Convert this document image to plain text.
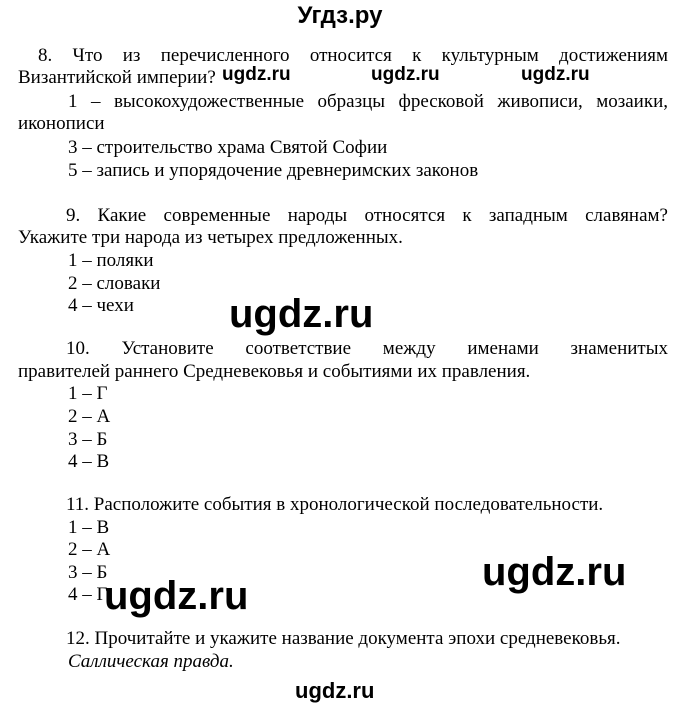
Угдз.ру
8. Что из перечисленного относится к культурным достижениям
Византийской империи?
1 – высокохудожественные образцы фресковой живописи, мозаики,
иконописи
3 – строительство храма Святой Софии
5 – запись и упорядочение древнеримских законов
9. Какие современные народы относятся к западным славянам?
Укажите три народа из четырех предложенных.
1 – поляки
2 – словаки
4 – чехи
10. Установите соответствие между именами знаменитых
правителей раннего Средневековья и событиями их правления.
1 – Г
2 – А
3 – Б
4 – В
11. Расположите события в хронологической последовательности.
1 – В
2 – А
3 – Б
4 – Г
12. Прочитайте и укажите название документа эпохи средневековья.
Саллическая правда.
ugdz.ru	ugdz.ru	ugdz.ru
ugdz.ru
ugdz.ru
ugdz.ru
ugdz.ru
